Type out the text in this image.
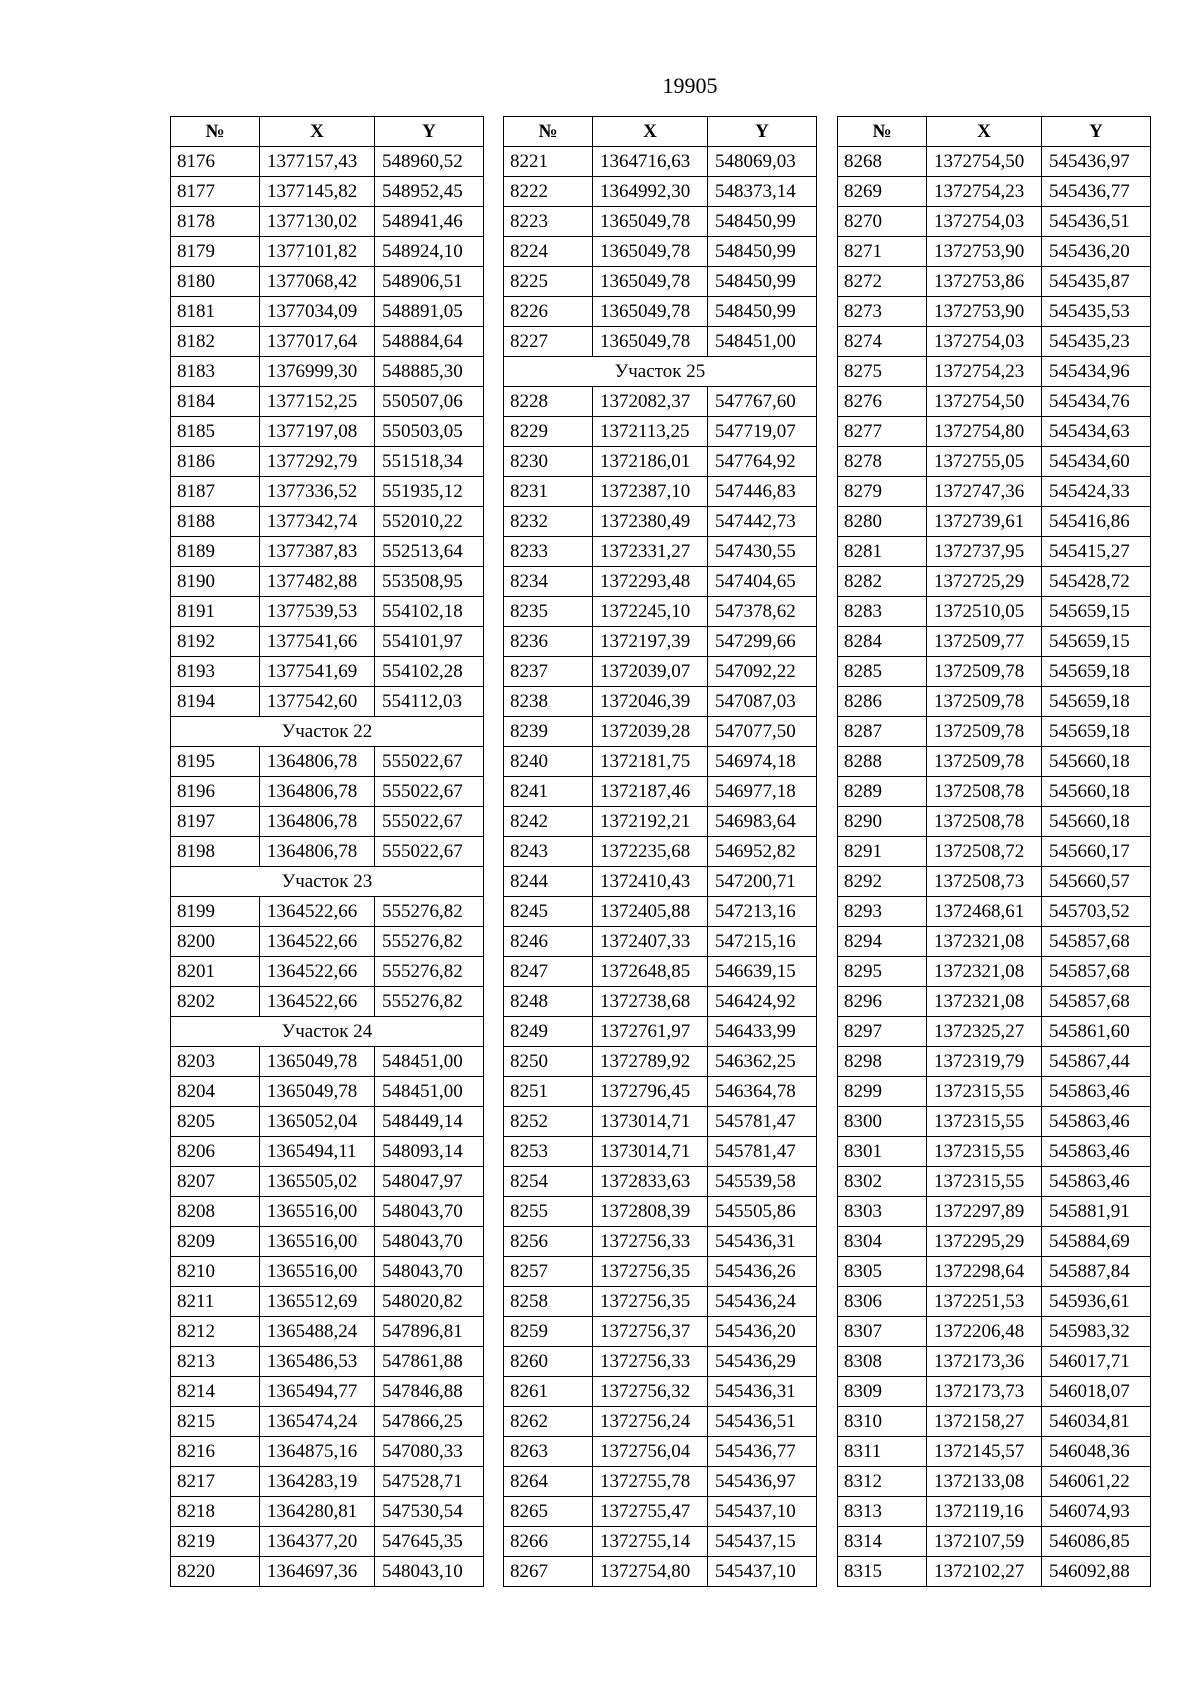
19905
№	X	Y
8176	1377157,43	548960,52
8177	1377145,82	548952,45
8178	1377130,02	548941,46
8179	1377101,82	548924,10
8180	1377068,42	548906,51
8181	1377034,09	548891,05
8182	1377017,64	548884,64
8183	1376999,30	548885,30
8184	1377152,25	550507,06
8185	1377197,08	550503,05
8186	1377292,79	551518,34
8187	1377336,52	551935,12
8188	1377342,74	552010,22
8189	1377387,83	552513,64
8190	1377482,88	553508,95
8191	1377539,53	554102,18
8192	1377541,66	554101,97
8193	1377541,69	554102,28
8194	1377542,60	554112,03
Участок 22
8195	1364806,78	555022,67
8196	1364806,78	555022,67
8197	1364806,78	555022,67
8198	1364806,78	555022,67
Участок 23
8199	1364522,66	555276,82
8200	1364522,66	555276,82
8201	1364522,66	555276,82
8202	1364522,66	555276,82
Участок 24
8203	1365049,78	548451,00
8204	1365049,78	548451,00
8205	1365052,04	548449,14
8206	1365494,11	548093,14
8207	1365505,02	548047,97
8208	1365516,00	548043,70
8209	1365516,00	548043,70
8210	1365516,00	548043,70
8211	1365512,69	548020,82
8212	1365488,24	547896,81
8213	1365486,53	547861,88
8214	1365494,77	547846,88
8215	1365474,24	547866,25
8216	1364875,16	547080,33
8217	1364283,19	547528,71
8218	1364280,81	547530,54
8219	1364377,20	547645,35
8220	1364697,36	548043,10
№	X	Y
8221	1364716,63	548069,03
8222	1364992,30	548373,14
8223	1365049,78	548450,99
8224	1365049,78	548450,99
8225	1365049,78	548450,99
8226	1365049,78	548450,99
8227	1365049,78	548451,00
Участок 25
8228	1372082,37	547767,60
8229	1372113,25	547719,07
8230	1372186,01	547764,92
8231	1372387,10	547446,83
8232	1372380,49	547442,73
8233	1372331,27	547430,55
8234	1372293,48	547404,65
8235	1372245,10	547378,62
8236	1372197,39	547299,66
8237	1372039,07	547092,22
8238	1372046,39	547087,03
8239	1372039,28	547077,50
8240	1372181,75	546974,18
8241	1372187,46	546977,18
8242	1372192,21	546983,64
8243	1372235,68	546952,82
8244	1372410,43	547200,71
8245	1372405,88	547213,16
8246	1372407,33	547215,16
8247	1372648,85	546639,15
8248	1372738,68	546424,92
8249	1372761,97	546433,99
8250	1372789,92	546362,25
8251	1372796,45	546364,78
8252	1373014,71	545781,47
8253	1373014,71	545781,47
8254	1372833,63	545539,58
8255	1372808,39	545505,86
8256	1372756,33	545436,31
8257	1372756,35	545436,26
8258	1372756,35	545436,24
8259	1372756,37	545436,20
8260	1372756,33	545436,29
8261	1372756,32	545436,31
8262	1372756,24	545436,51
8263	1372756,04	545436,77
8264	1372755,78	545436,97
8265	1372755,47	545437,10
8266	1372755,14	545437,15
8267	1372754,80	545437,10
№	X	Y
8268	1372754,50	545436,97
8269	1372754,23	545436,77
8270	1372754,03	545436,51
8271	1372753,90	545436,20
8272	1372753,86	545435,87
8273	1372753,90	545435,53
8274	1372754,03	545435,23
8275	1372754,23	545434,96
8276	1372754,50	545434,76
8277	1372754,80	545434,63
8278	1372755,05	545434,60
8279	1372747,36	545424,33
8280	1372739,61	545416,86
8281	1372737,95	545415,27
8282	1372725,29	545428,72
8283	1372510,05	545659,15
8284	1372509,77	545659,15
8285	1372509,78	545659,18
8286	1372509,78	545659,18
8287	1372509,78	545659,18
8288	1372509,78	545660,18
8289	1372508,78	545660,18
8290	1372508,78	545660,18
8291	1372508,72	545660,17
8292	1372508,73	545660,57
8293	1372468,61	545703,52
8294	1372321,08	545857,68
8295	1372321,08	545857,68
8296	1372321,08	545857,68
8297	1372325,27	545861,60
8298	1372319,79	545867,44
8299	1372315,55	545863,46
8300	1372315,55	545863,46
8301	1372315,55	545863,46
8302	1372315,55	545863,46
8303	1372297,89	545881,91
8304	1372295,29	545884,69
8305	1372298,64	545887,84
8306	1372251,53	545936,61
8307	1372206,48	545983,32
8308	1372173,36	546017,71
8309	1372173,73	546018,07
8310	1372158,27	546034,81
8311	1372145,57	546048,36
8312	1372133,08	546061,22
8313	1372119,16	546074,93
8314	1372107,59	546086,85
8315	1372102,27	546092,88
